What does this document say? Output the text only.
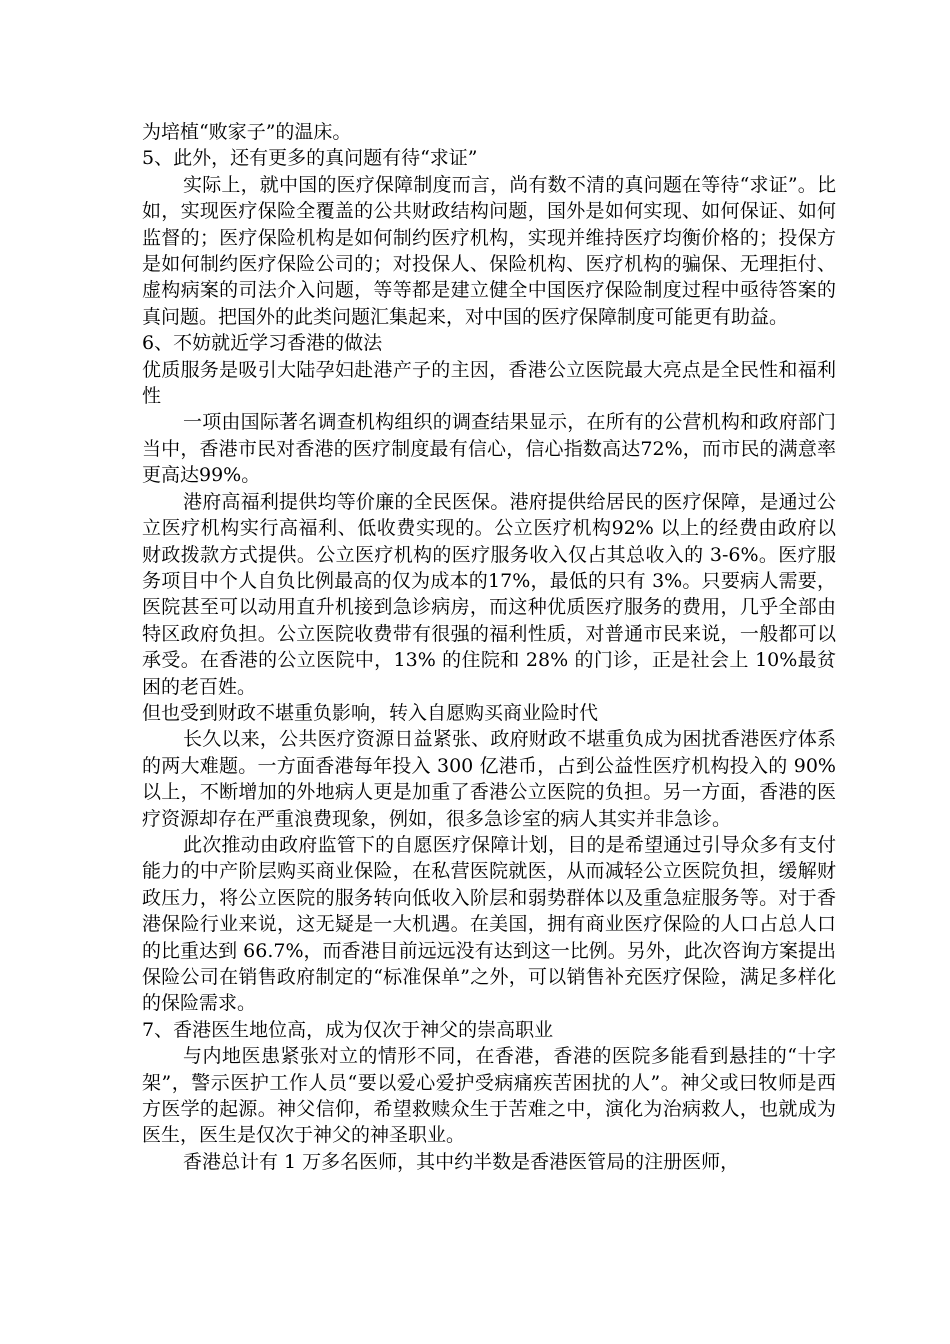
为培植“败家子”的温床。

5、此外，还有更多的真问题有待“求证”

实际上，就中国的医疗保障制度而言，尚有数不清的真问题在等待“求证”。比如，实现医疗保险全覆盖的公共财政结构问题，国外是如何实现、如何保证、如何监督的；医疗保险机构是如何制约医疗机构，实现并维持医疗均衡价格的；投保方是如何制约医疗保险公司的；对投保人、保险机构、医疗机构的骗保、无理拒付、虚构病案的司法介入问题，等等都是建立健全中国医疗保险制度过程中亟待答案的真问题。把国外的此类问题汇集起来，对中国的医疗保障制度可能更有助益。

6、不妨就近学习香港的做法

优质服务是吸引大陆孕妇赴港产子的主因，香港公立医院最大亮点是全民性和福利性

一项由国际著名调查机构组织的调查结果显示，在所有的公营机构和政府部门当中，香港市民对香港的医疗制度最有信心，信心指数高达72%，而市民的满意率更高达99%。

港府高福利提供均等价廉的全民医保。港府提供给居民的医疗保障，是通过公立医疗机构实行高福利、低收费实现的。公立医疗机构92% 以上的经费由政府以财政拨款方式提供。公立医疗机构的医疗服务收入仅占其总收入的 3-6%。医疗服务项目中个人自负比例最高的仅为成本的17%，最低的只有 3%。只要病人需要，医院甚至可以动用直升机接到急诊病房，而这种优质医疗服务的费用，几乎全部由特区政府负担。公立医院收费带有很强的福利性质，对普通市民来说，一般都可以承受。在香港的公立医院中，13% 的住院和 28% 的门诊，正是社会上 10%最贫困的老百姓。

但也受到财政不堪重负影响，转入自愿购买商业险时代

长久以来，公共医疗资源日益紧张、政府财政不堪重负成为困扰香港医疗体系的两大难题。一方面香港每年投入 300 亿港币，占到公益性医疗机构投入的 90%以上，不断增加的外地病人更是加重了香港公立医院的负担。另一方面，香港的医疗资源却存在严重浪费现象，例如，很多急诊室的病人其实并非急诊。

此次推动由政府监管下的自愿医疗保障计划，目的是希望通过引导众多有支付能力的中产阶层购买商业保险，在私营医院就医，从而减轻公立医院负担，缓解财政压力，将公立医院的服务转向低收入阶层和弱势群体以及重急症服务等。对于香港保险行业来说，这无疑是一大机遇。在美国，拥有商业医疗保险的人口占总人口的比重达到 66.7%，而香港目前远远没有达到这一比例。另外，此次咨询方案提出保险公司在销售政府制定的“标准保单”之外，可以销售补充医疗保险，满足多样化的保险需求。

7、香港医生地位高，成为仅次于神父的崇高职业

与内地医患紧张对立的情形不同，在香港，香港的医院多能看到悬挂的“十字架”，警示医护工作人员“要以爱心爱护受病痛疾苦困扰的人”。神父或曰牧师是西方医学的起源。神父信仰，希望救赎众生于苦难之中，演化为治病救人，也就成为医生，医生是仅次于神父的神圣职业。

香港总计有 1 万多名医师，其中约半数是香港医管局的注册医师，
